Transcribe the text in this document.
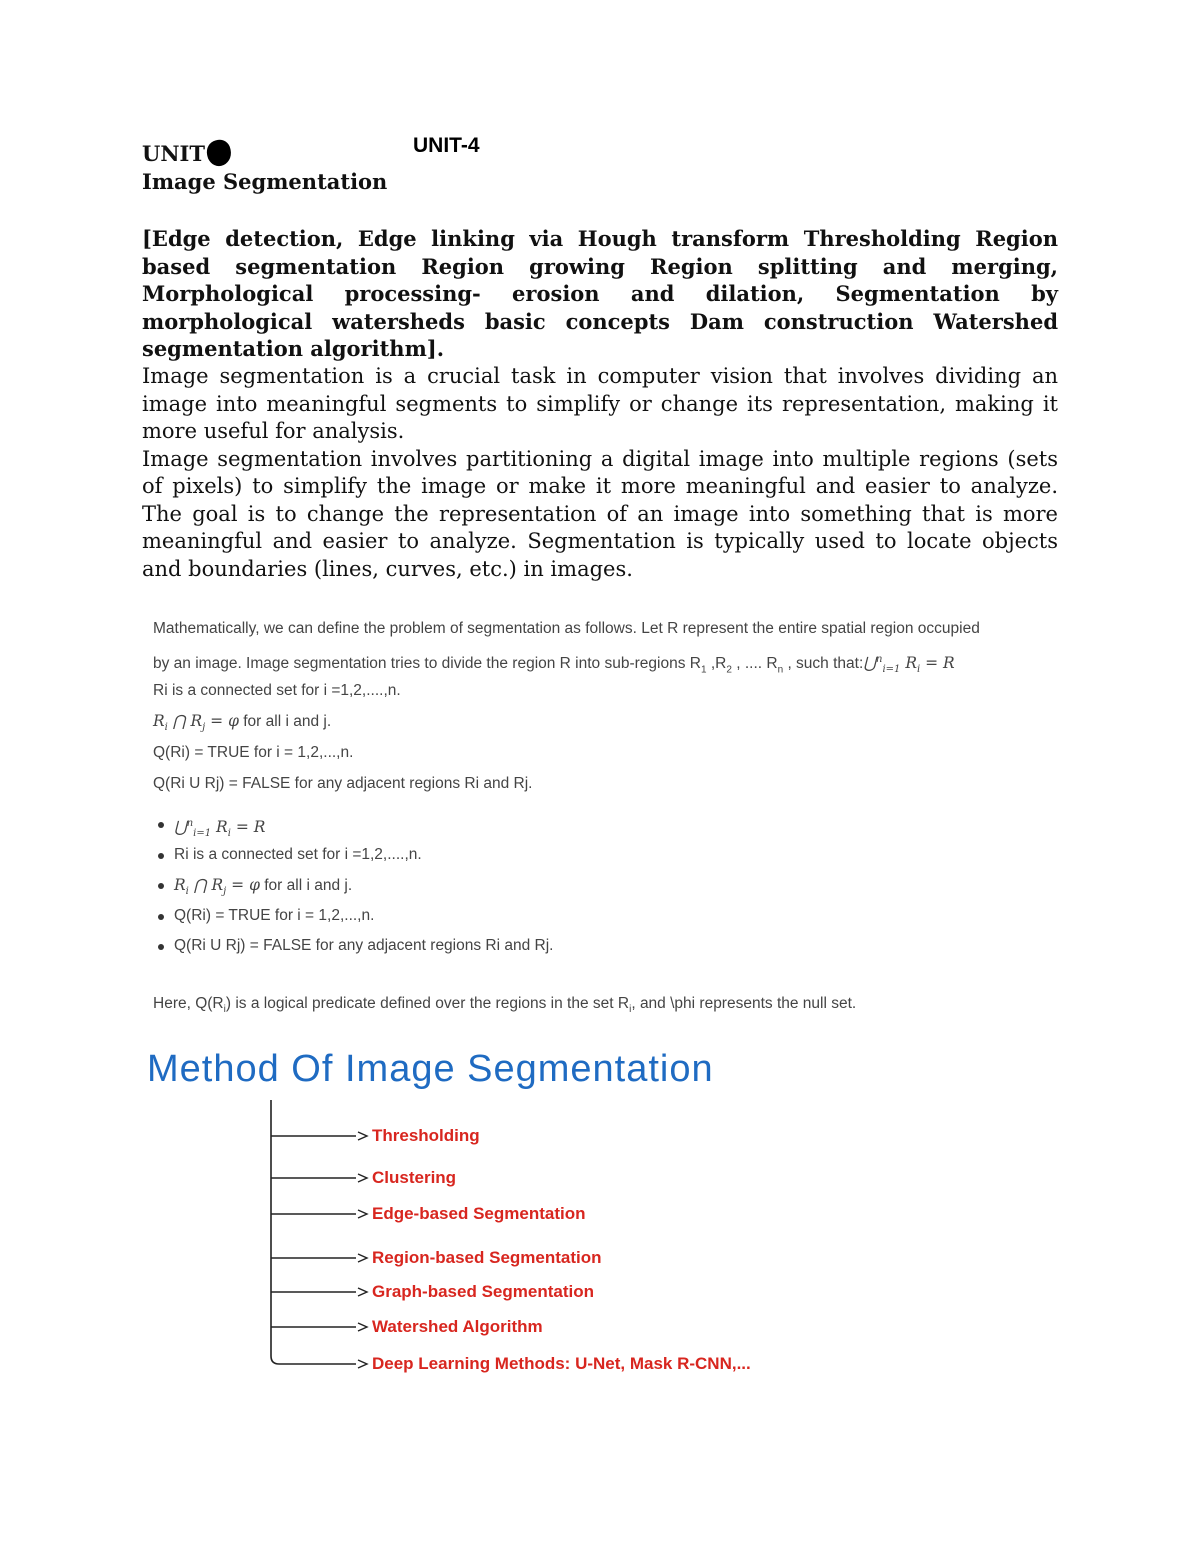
UNIT	UNIT-4
Image Segmentation
[Edge detection, Edge linking via Hough transform Thresholding Region based segmentation Region growing Region splitting and merging, Morphological processing- erosion and dilation, Segmentation by morphological watersheds basic concepts Dam construction Watershed segmentation algorithm].

Image segmentation is a crucial task in computer vision that involves dividing an image into meaningful segments to simplify or change its representation, making it more useful for analysis.

Image segmentation involves partitioning a digital image into multiple regions (sets of pixels) to simplify the image or make it more meaningful and easier to analyze. The goal is to change the representation of an image into something that is more meaningful and easier to analyze. Segmentation is typically used to locate objects and boundaries (lines, curves, etc.) in images.

Mathematically, we can define the problem of segmentation as follows. Let R represent the entire spatial region occupied
by an image. Image segmentation tries to divide the region R into sub-regions $R_1$ $,R_2$ , .... $R_n$ , such that:⋃$^n_{i=1}$ $R_i = R$
Ri is a connected set for i =1,2,....,n.
$R_i$ ⋂ $R_j = \varphi$ for all i and j.
Q(Ri) = TRUE for i = 1,2,...,n.
Q(Ri U Rj) = FALSE for any adjacent regions Ri and Rj.
⋃$^n_{i=1}$ $R_i = R$
Ri is a connected set for i =1,2,....,n.
$R_i$ ⋂ $R_j = \varphi$ for all i and j.
Q(Ri) = TRUE for i = 1,2,...,n.
Q(Ri U Rj) = FALSE for any adjacent regions Ri and Rj.
Here, $Q(R_i)$ is a logical predicate defined over the regions in the set $R_i$, and \phi represents the null set.
Method Of Image Segmentation
Thresholding
Clustering
Edge-based Segmentation
Region-based Segmentation
Graph-based Segmentation
Watershed Algorithm
Deep Learning Methods: U-Net, Mask R-CNN,...
